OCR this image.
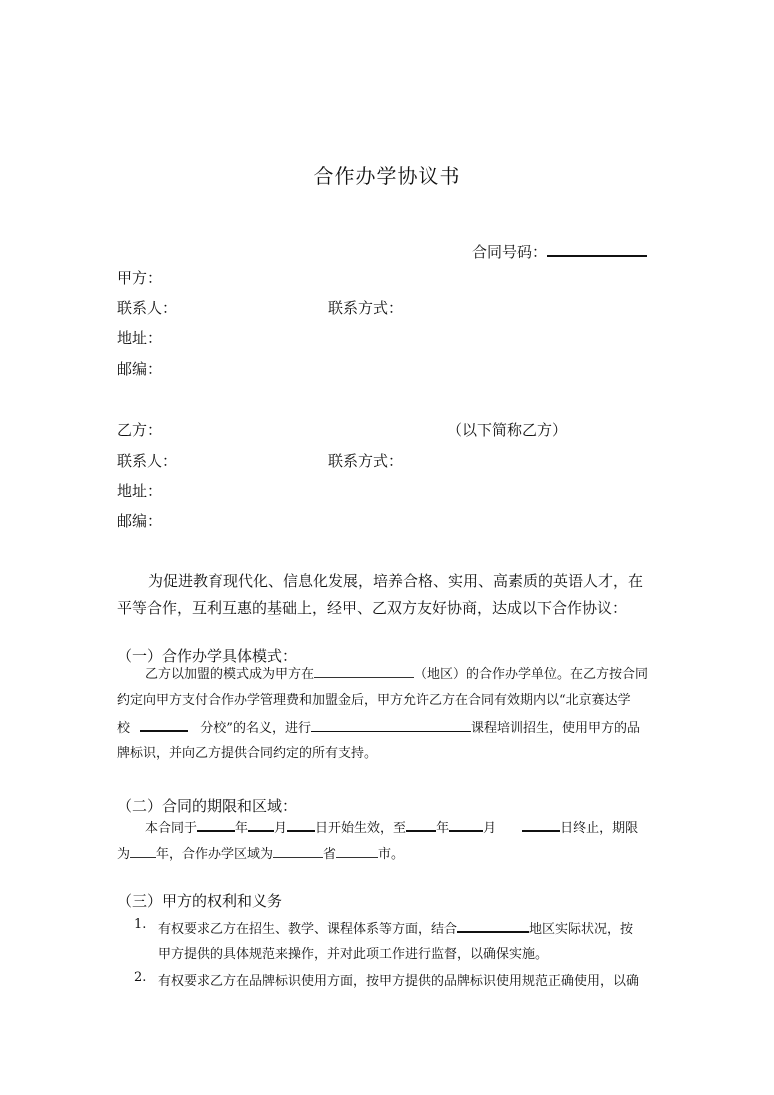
合作办学协议书
合同号码：
甲方：
联系人：	联系方式：
地址：
邮编：
乙方：	（以下简称乙方）
联系人：	联系方式：
地址：
邮编：
为促进教育现代化、信息化发展，培养合格、实用、高素质的英语人才，在
平等合作，互利互惠的基础上，经甲、乙双方友好协商，达成以下合作协议：
（一）合作办学具体模式：
乙方以加盟的模式成为甲方在	（地区）的合作办学单位。在乙方按合同
约定向甲方支付合作办学管理费和加盟金后，甲方允许乙方在合同有效期内以“北京赛达学
校	分校”的名义，进行	课程培训招生，使用甲方的品
牌标识，并向乙方提供合同约定的所有支持。
（二）合同的期限和区域：
本合同于	年 月 日开始生效，至 年	月	日终止，期限
为 年，合作办学区域为	省	市。
（三）甲方的权利和义务
1. 有权要求乙方在招生、教学、课程体系等方面，结合	地区实际状况，按
甲方提供的具体规范来操作，并对此项工作进行监督，以确保实施。
2. 有权要求乙方在品牌标识使用方面，按甲方提供的品牌标识使用规范正确使用，以确
